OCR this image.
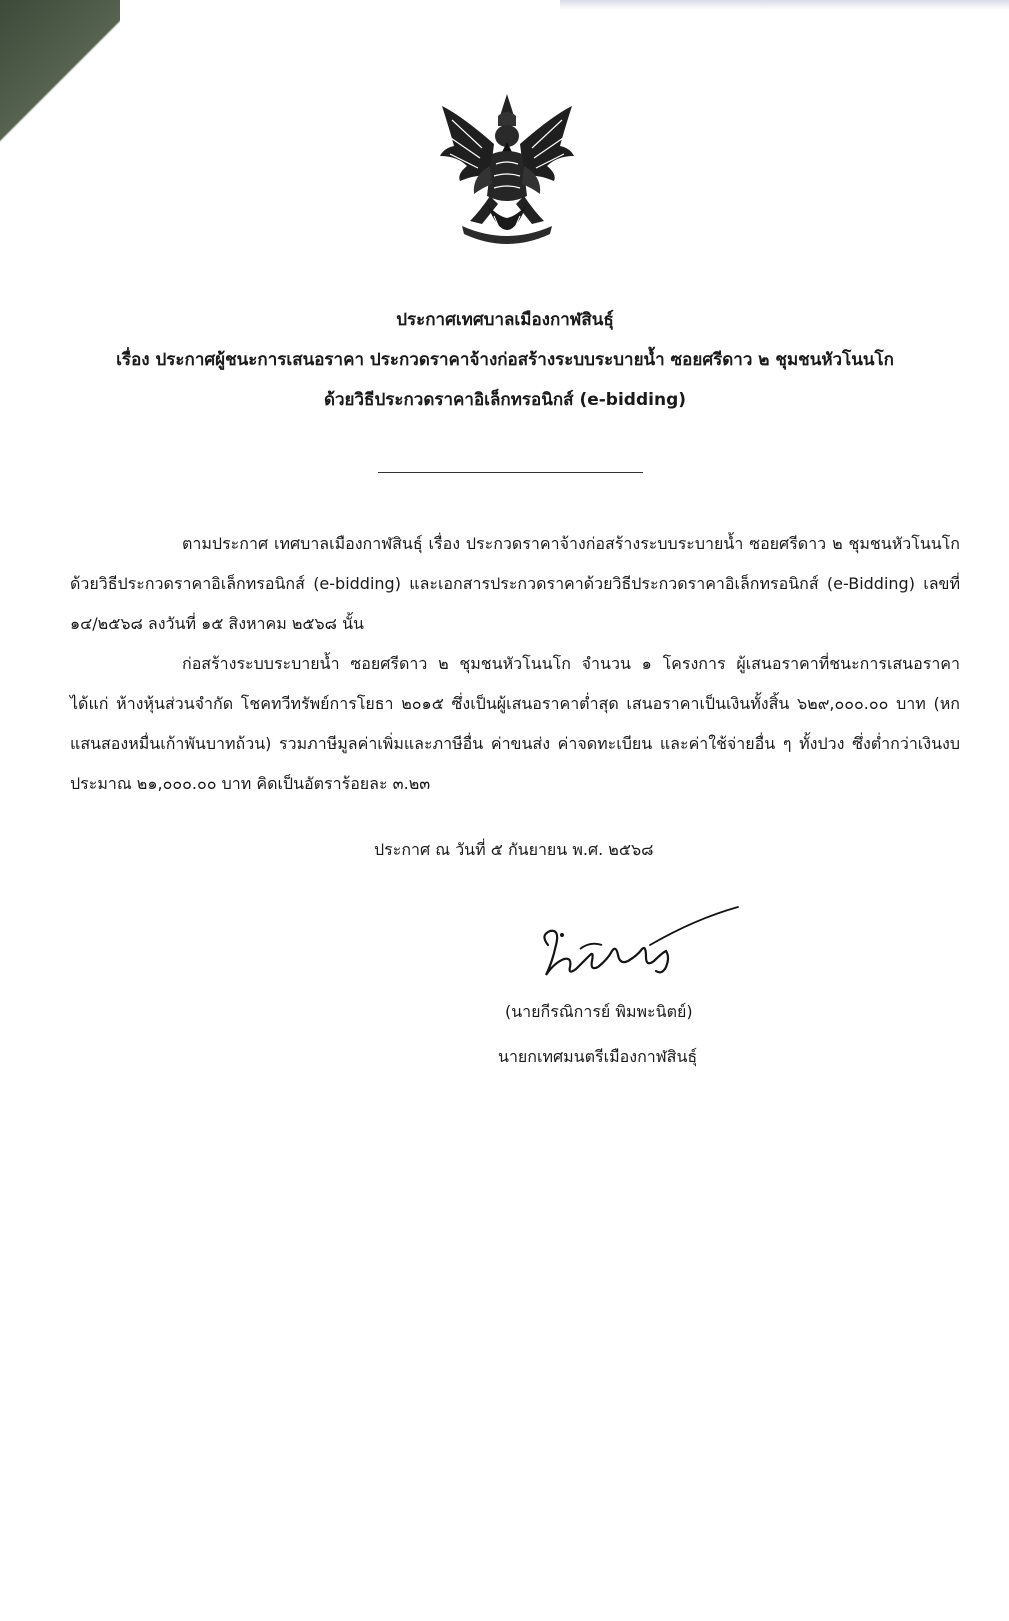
ประกาศเทศบาลเมืองกาฬสินธุ์
เรื่อง ประกาศผู้ชนะการเสนอราคา ประกวดราคาจ้างก่อสร้างระบบระบายน้ำ ซอยศรีดาว ๒ ชุมชนหัวโนนโก
ด้วยวิธีประกวดราคาอิเล็กทรอนิกส์ (e-bidding)

ตามประกาศ เทศบาลเมืองกาฬสินธุ์ เรื่อง ประกวดราคาจ้างก่อสร้างระบบระบายน้ำ ซอยศรีดาว ๒ ชุมชนหัวโนนโก ด้วยวิธีประกวดราคาอิเล็กทรอนิกส์ (e-bidding) และเอกสารประกวดราคาด้วยวิธีประกวดราคาอิเล็กทรอนิกส์ (e-Bidding) เลขที่ ๑๔/๒๕๖๘ ลงวันที่ ๑๕ สิงหาคม ๒๕๖๘ นั้น

ก่อสร้างระบบระบายน้ำ ซอยศรีดาว ๒ ชุมชนหัวโนนโก จำนวน ๑ โครงการ ผู้เสนอราคาที่ชนะการเสนอราคา ได้แก่ ห้างหุ้นส่วนจำกัด โชคทวีทรัพย์การโยธา ๒๐๑๕ ซึ่งเป็นผู้เสนอราคาต่ำสุด เสนอราคาเป็นเงินทั้งสิ้น ๖๒๙,๐๐๐.๐๐ บาท (หกแสนสองหมื่นเก้าพันบาทถ้วน) รวมภาษีมูลค่าเพิ่มและภาษีอื่น ค่าขนส่ง ค่าจดทะเบียน และค่าใช้จ่ายอื่น ๆ ทั้งปวง ซึ่งต่ำกว่าเงินงบประมาณ ๒๑,๐๐๐.๐๐ บาท คิดเป็นอัตราร้อยละ ๓.๒๓

ประกาศ ณ วันที่ ๕ กันยายน พ.ศ. ๒๕๖๘
(นายกีรณิการย์ พิมพะนิตย์)
นายกเทศมนตรีเมืองกาฬสินธุ์
